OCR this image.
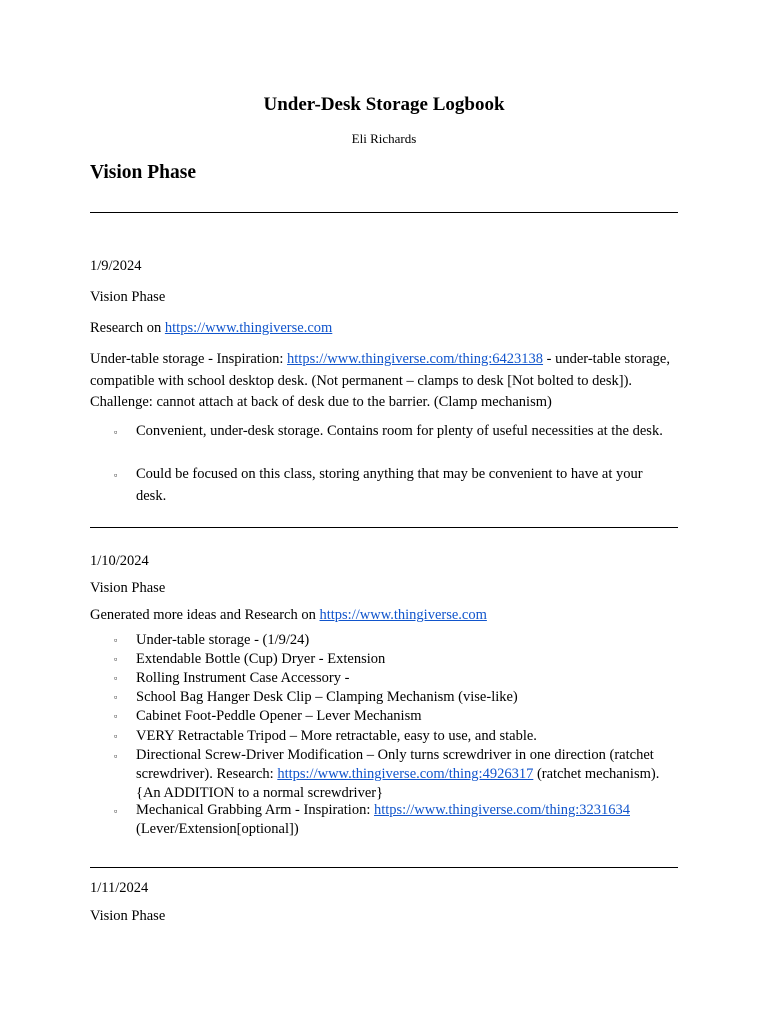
Under-Desk Storage Logbook
Eli Richards
Vision Phase
1/9/2024
Vision Phase
Research on https://www.thingiverse.com
Under-table storage - Inspiration: https://www.thingiverse.com/thing:6423138 - under-table storage, compatible with school desktop desk. (Not permanent – clamps to desk [Not bolted to desk]). Challenge: cannot attach at back of desk due to the barrier. (Clamp mechanism)
▫ Convenient, under-desk storage. Contains room for plenty of useful necessities at the desk.
▫ Could be focused on this class, storing anything that may be convenient to have at your desk.
1/10/2024
Vision Phase
Generated more ideas and Research on https://www.thingiverse.com
▫ Under-table storage - (1/9/24)
▫ Extendable Bottle (Cup) Dryer - Extension
▫ Rolling Instrument Case Accessory -
▫ School Bag Hanger Desk Clip – Clamping Mechanism (vise-like)
▫ Cabinet Foot-Peddle Opener – Lever Mechanism
▫ VERY Retractable Tripod – More retractable, easy to use, and stable.
▫ Directional Screw-Driver Modification – Only turns screwdriver in one direction (ratchet screwdriver). Research: https://www.thingiverse.com/thing:4926317 (ratchet mechanism). {An ADDITION to a normal screwdriver}
▫ Mechanical Grabbing Arm - Inspiration: https://www.thingiverse.com/thing:3231634 (Lever/Extension[optional])
1/11/2024
Vision Phase
